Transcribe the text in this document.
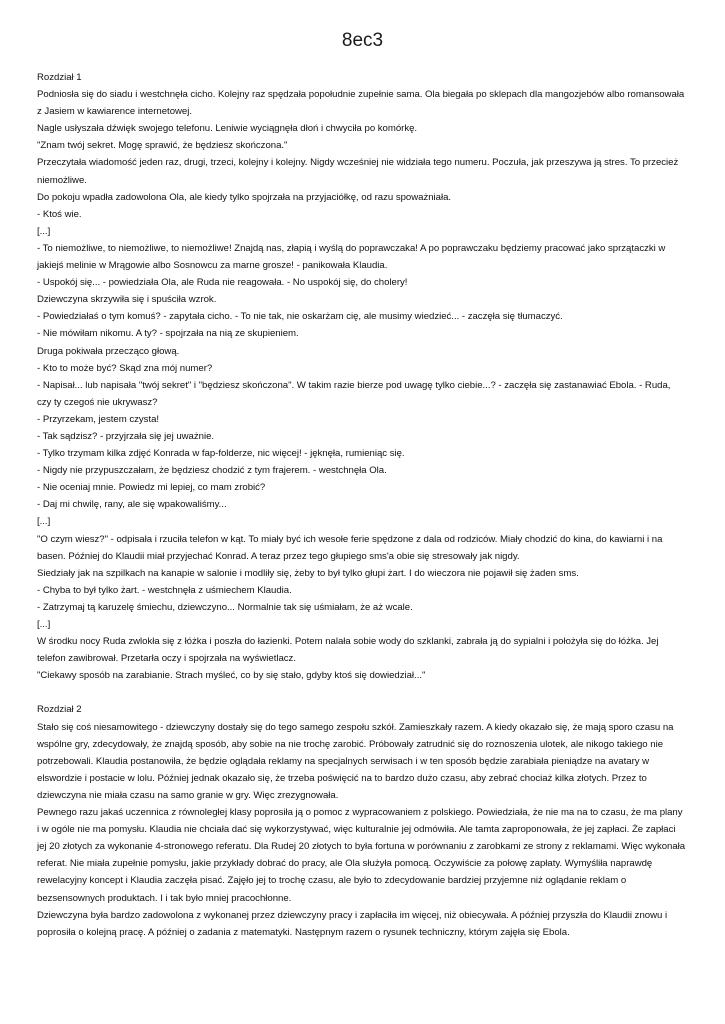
8ec3

Rozdział 1

Podniosła się do siadu i westchnęła cicho. Kolejny raz spędzała popołudnie zupełnie sama. Ola biegała po sklepach dla mangozjebów albo romansowała z Jasiem w kawiarence internetowej.

Nagle usłyszała dźwięk swojego telefonu. Leniwie wyciągnęła dłoń i chwyciła po komórkę.

"Znam twój sekret. Mogę sprawić, że będziesz skończona."

Przeczytała wiadomość jeden raz, drugi, trzeci, kolejny i kolejny. Nigdy wcześniej nie widziała tego numeru. Poczuła, jak przeszywa ją stres. To przecież niemożliwe.

Do pokoju wpadła zadowolona Ola, ale kiedy tylko spojrzała na przyjaciółkę, od razu spoważniała.

- Ktoś wie.

[...]

- To niemożliwe, to niemożliwe, to niemożliwe! Znajdą nas, złapią i wyślą do poprawczaka! A po poprawczaku będziemy pracować jako sprzątaczki w jakiejś melinie w Mrągowie albo Sosnowcu za marne grosze! - panikowała Klaudia.

- Uspokój się... - powiedziała Ola, ale Ruda nie reagowała. - No uspokój się, do cholery!

Dziewczyna skrzywiła się i spuściła wzrok.

- Powiedziałaś o tym komuś? - zapytała cicho. - To nie tak, nie oskarżam cię, ale musimy wiedzieć... - zaczęła się tłumaczyć.

- Nie mówiłam nikomu. A ty? - spojrzała na nią ze skupieniem.

Druga pokiwała przecząco głową.

- Kto to może być? Skąd zna mój numer?

- Napisał... lub napisała "twój sekret" i "będziesz skończona". W takim razie bierze pod uwagę tylko ciebie...? - zaczęła się zastanawiać Ebola. - Ruda, czy ty czegoś nie ukrywasz?

- Przyrzekam, jestem czysta!

- Tak sądzisz? - przyjrzała się jej uważnie.

- Tylko trzymam kilka zdjęć Konrada w fap-folderze, nic więcej! - jęknęła, rumieniąc się.

- Nigdy nie przypuszczałam, że będziesz chodzić z tym frajerem. - westchnęła Ola.

- Nie oceniaj mnie. Powiedz mi lepiej, co mam zrobić?

- Daj mi chwilę, rany, ale się wpakowaliśmy...

[...]

"O czym wiesz?" - odpisała i rzuciła telefon w kąt. To miały być ich wesołe ferie spędzone z dala od rodziców. Miały chodzić do kina, do kawiarni i na basen. Później do Klaudii miał przyjechać Konrad. A teraz przez tego głupiego sms'a obie się stresowały jak nigdy.

Siedziały jak na szpilkach na kanapie w salonie i modliły się, żeby to był tylko głupi żart. I do wieczora nie pojawił się żaden sms.

- Chyba to był tylko żart. - westchnęła z uśmiechem Klaudia.

- Zatrzymaj tą karuzelę śmiechu, dziewczyno... Normalnie tak się uśmiałam, że aż wcale.

[...]

W środku nocy Ruda zwlokła się z łóżka i poszła do łazienki. Potem nalała sobie wody do szklanki, zabrała ją do sypialni i położyła się do łóżka. Jej telefon zawibrował. Przetarła oczy i spojrzała na wyświetlacz.

"Ciekawy sposób na zarabianie. Strach myśleć, co by się stało, gdyby ktoś się dowiedział..."

Rozdział 2

Stało się coś niesamowitego - dziewczyny dostały się do tego samego zespołu szkół. Zamieszkały razem. A kiedy okazało się, że mają sporo czasu na wspólne gry, zdecydowały, że znajdą sposób, aby sobie na nie trochę zarobić. Próbowały zatrudnić się do roznoszenia ulotek, ale nikogo takiego nie potrzebowali. Klaudia postanowiła, że będzie oglądała reklamy na specjalnych serwisach i w ten sposób będzie zarabiała pieniądze na avatary w elswordzie i postacie w lolu. Później jednak okazało się, że trzeba poświęcić na to bardzo dużo czasu, aby zebrać chociaż kilka złotych. Przez to dziewczyna nie miała czasu na samo granie w gry. Więc zrezygnowała.

Pewnego razu jakaś uczennica z równoległej klasy poprosiła ją o pomoc z wypracowaniem z polskiego. Powiedziała, że nie ma na to czasu, że ma plany i w ogóle nie ma pomysłu. Klaudia nie chciała dać się wykorzystywać, więc kulturalnie jej odmówiła. Ale tamta zaproponowała, że jej zapłaci. Że zapłaci jej 20 złotych za wykonanie 4-stronowego referatu. Dla Rudej 20 złotych to była fortuna w porównaniu z zarobkami ze strony z reklamami. Więc wykonała referat. Nie miała zupełnie pomysłu, jakie przykłady dobrać do pracy, ale Ola służyła pomocą. Oczywiście za połowę zapłaty. Wymyśliła naprawdę rewelacyjny koncept i Klaudia zaczęła pisać. Zajęło jej to trochę czasu, ale było to zdecydowanie bardziej przyjemne niż oglądanie reklam o bezsensownych produktach. I i tak było mniej pracochłonne.

Dziewczyna była bardzo zadowolona z wykonanej przez dziewczyny pracy i zapłaciła im więcej, niż obiecywała. A później przyszła do Klaudii znowu i poprosiła o kolejną pracę. A później o zadania z matematyki. Następnym razem o rysunek techniczny, którym zajęła się Ebola.
